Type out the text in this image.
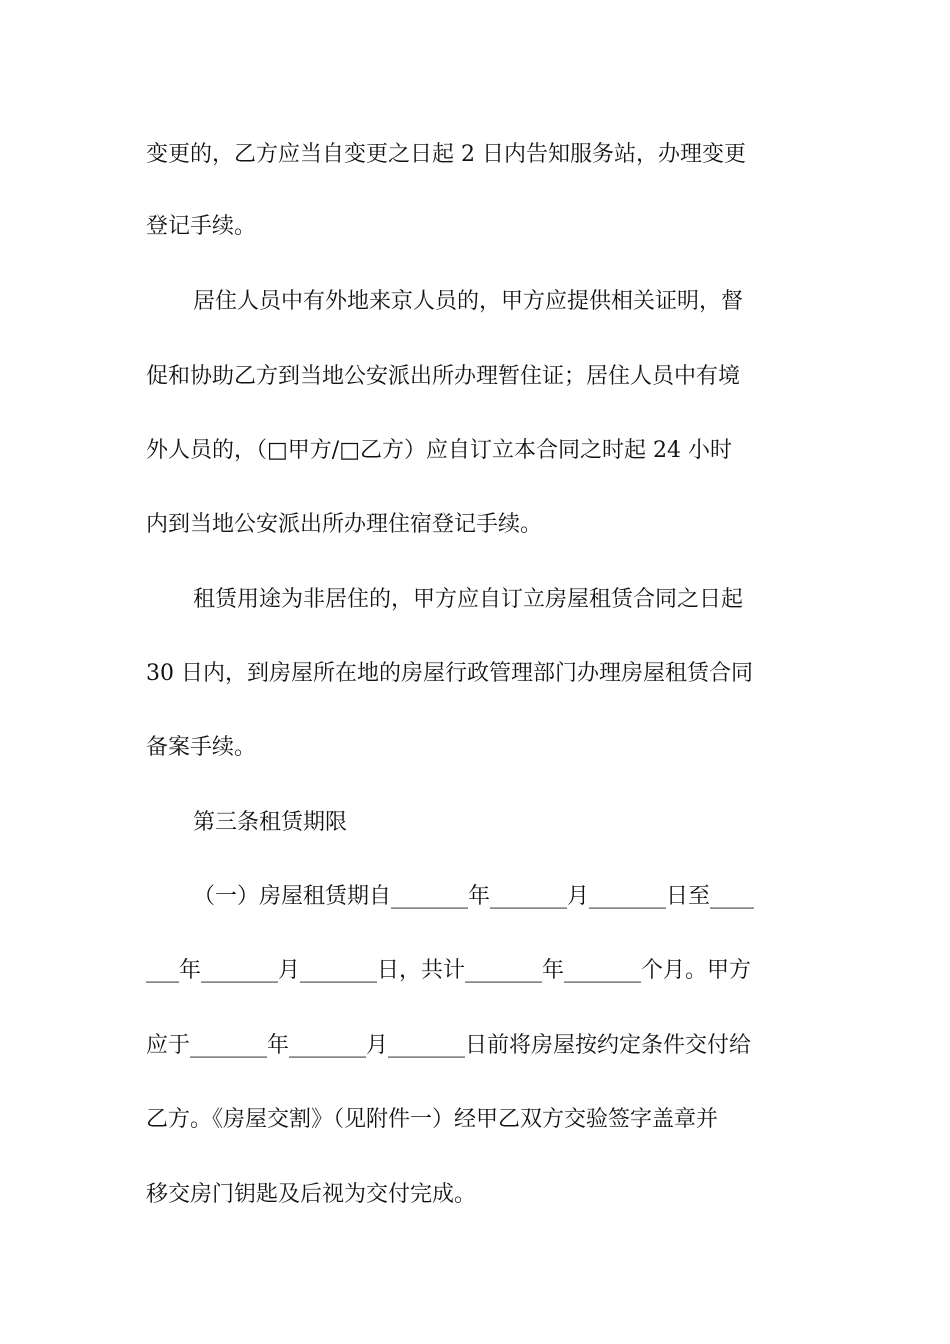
变更的，乙方应当自变更之日起 2 日内告知服务站，办理变更
登记手续。
居住人员中有外地来京人员的，甲方应提供相关证明，督
促和协助乙方到当地公安派出所办理暂住证；居住人员中有境
外人员的，（□甲方/□乙方）应自订立本合同之时起 24 小时
内到当地公安派出所办理住宿登记手续。
租赁用途为非居住的，甲方应自订立房屋租赁合同之日起
30 日内，到房屋所在地的房屋行政管理部门办理房屋租赁合同
备案手续。
第三条租赁期限
（一）房屋租赁期自_______年_______月_______日至____
___年_______月_______日，共计_______年_______个月。甲方
应于_______年_______月_______日前将房屋按约定条件交付给
乙方。《房屋交割》（见附件一）经甲乙双方交验签字盖章并
移交房门钥匙及后视为交付完成。
